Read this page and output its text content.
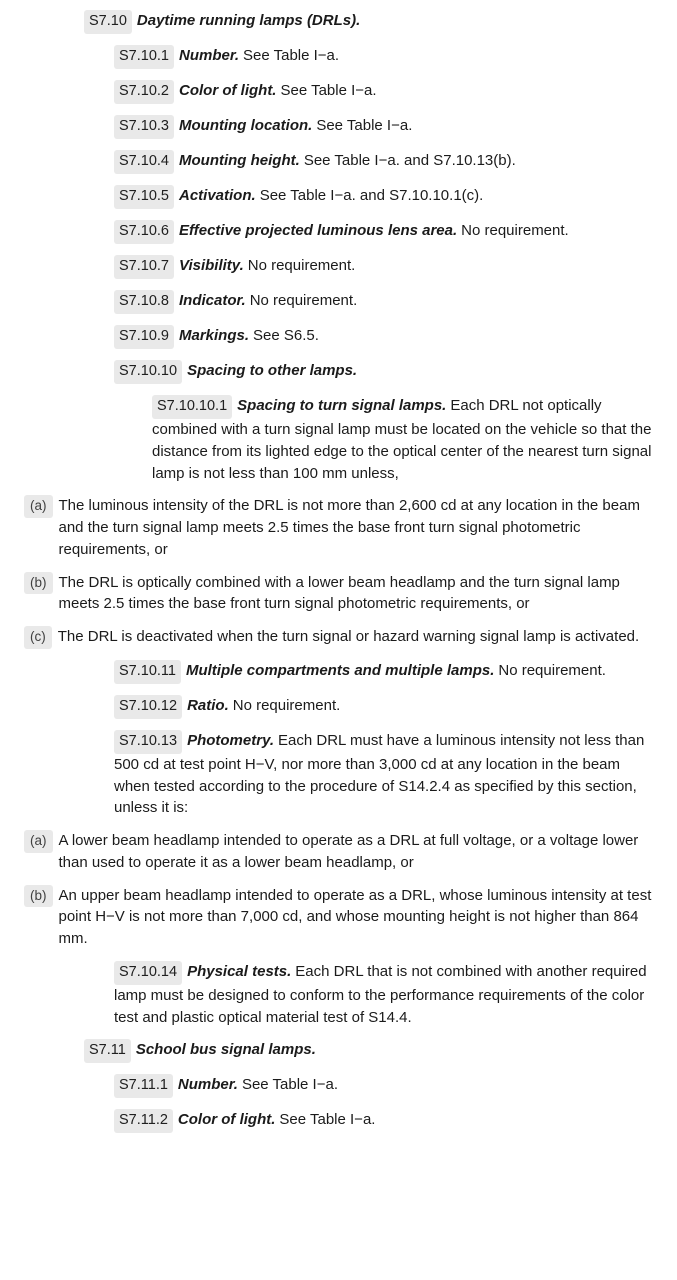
S7.10 Daytime running lamps (DRLs).

S7.10.1 Number. See Table I−a.

S7.10.2 Color of light. See Table I−a.

S7.10.3 Mounting location. See Table I−a.

S7.10.4 Mounting height. See Table I−a. and S7.10.13(b).

S7.10.5 Activation. See Table I−a. and S7.10.10.1(c).

S7.10.6 Effective projected luminous lens area. No requirement.

S7.10.7 Visibility. No requirement.

S7.10.8 Indicator. No requirement.

S7.10.9 Markings. See S6.5.

S7.10.10 Spacing to other lamps.

S7.10.10.1 Spacing to turn signal lamps. Each DRL not optically combined with a turn signal lamp must be located on the vehicle so that the distance from its lighted edge to the optical center of the nearest turn signal lamp is not less than 100 mm unless,

(a) The luminous intensity of the DRL is not more than 2,600 cd at any location in the beam and the turn signal lamp meets 2.5 times the base front turn signal photometric requirements, or
(b) The DRL is optically combined with a lower beam headlamp and the turn signal lamp meets 2.5 times the base front turn signal photometric requirements, or
(c) The DRL is deactivated when the turn signal or hazard warning signal lamp is activated.

S7.10.11 Multiple compartments and multiple lamps. No requirement.

S7.10.12 Ratio. No requirement.

S7.10.13 Photometry. Each DRL must have a luminous intensity not less than 500 cd at test point H−V, nor more than 3,000 cd at any location in the beam when tested according to the procedure of S14.2.4 as specified by this section, unless it is:

(a) A lower beam headlamp intended to operate as a DRL at full voltage, or a voltage lower than used to operate it as a lower beam headlamp, or
(b) An upper beam headlamp intended to operate as a DRL, whose luminous intensity at test point H−V is not more than 7,000 cd, and whose mounting height is not higher than 864 mm.

S7.10.14 Physical tests. Each DRL that is not combined with another required lamp must be designed to conform to the performance requirements of the color test and plastic optical material test of S14.4.

S7.11 School bus signal lamps.

S7.11.1 Number. See Table I−a.

S7.11.2 Color of light. See Table I−a.
